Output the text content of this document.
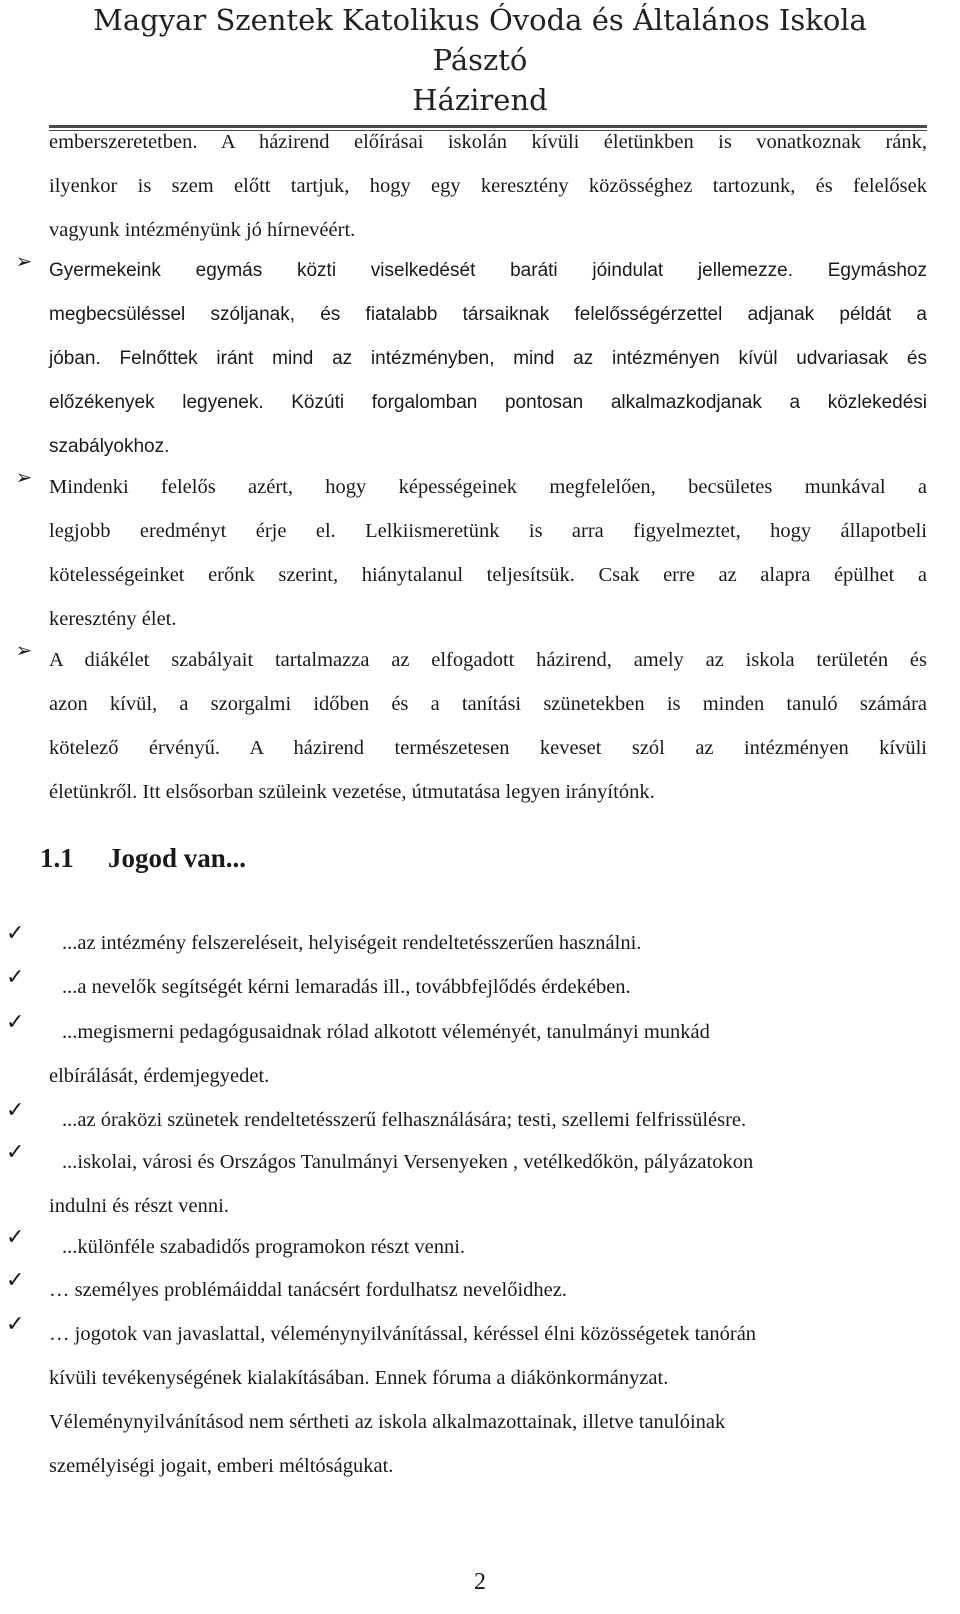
Magyar Szentek Katolikus Óvoda és Általános Iskola
Pásztó
Házirend
emberszeretetben. A házirend előírásai iskolán kívüli életünkben is vonatkoznak ránk,
ilyenkor is szem előtt tartjuk, hogy egy keresztény közösséghez tartozunk, és felelősek
vagyunk intézményünk jó hírnevéért.
➢ Gyermekeink egymás közti viselkedését baráti jóindulat jellemezze. Egymáshoz
megbecsüléssel szóljanak, és fiatalabb társaiknak felelősségérzettel adjanak példát a
jóban. Felnőttek iránt mind az intézményben, mind az intézményen kívül udvariasak és
előzékenyek legyenek. Közúti forgalomban pontosan alkalmazkodjanak a közlekedési
szabályokhoz.
➢ Mindenki felelős azért, hogy képességeinek megfelelően, becsületes munkával a
legjobb eredményt érje el. Lelkiismeretünk is arra figyelmeztet, hogy állapotbeli
kötelességeinket erőnk szerint, hiánytalanul teljesítsük. Csak erre az alapra épülhet a
keresztény élet.
➢ A diákélet szabályait tartalmazza az elfogadott házirend, amely az iskola területén és
azon kívül, a szorgalmi időben és a tanítási szünetekben is minden tanuló számára
kötelező érvényű. A házirend természetesen keveset szól az intézményen kívüli
életünkről. Itt elsősorban szüleink vezetése, útmutatása legyen irányítónk.
1.1 Jogod van...
✓	...az intézmény felszereléseit, helyiségeit rendeltetésszerűen használni.
✓	...a nevelők segítségét kérni lemaradás ill., továbbfejlődés érdekében.
✓	...megismerni pedagógusaidnak rólad alkotott véleményét, tanulmányi munkád
elbírálását, érdemjegyedet.
✓	...az óraközi szünetek rendeltetésszerű felhasználására; testi, szellemi felfrissülésre.
✓	...iskolai, városi és Országos Tanulmányi Versenyeken , vetélkedőkön, pályázatokon
indulni és részt venni.
✓	...különféle szabadidős programokon részt venni.
✓	… személyes problémáiddal tanácsért fordulhatsz nevelőidhez.
✓	… jogotok van javaslattal, véleménynyilvánítással, kéréssel élni közösségetek tanórán
kívüli tevékenységének kialakításában. Ennek fóruma a diákönkormányzat.
Véleménynyilvánításod nem sértheti az iskola alkalmazottainak, illetve tanulóinak
személyiségi jogait, emberi méltóságukat.
2
